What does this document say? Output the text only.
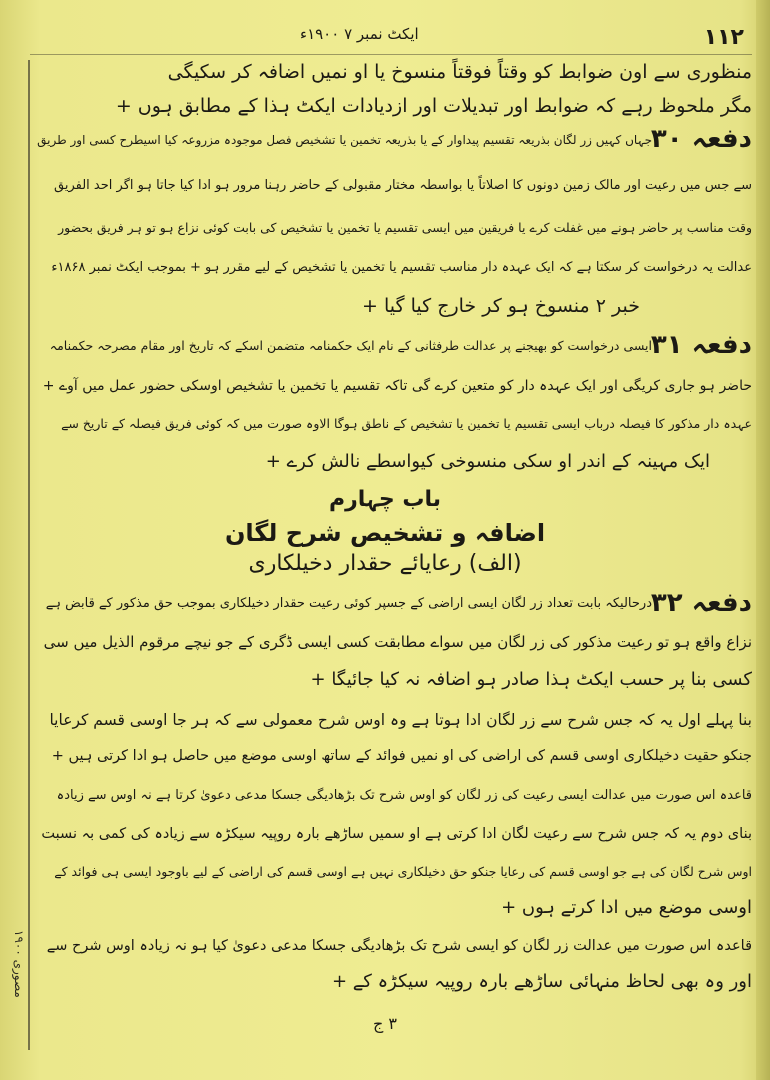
۱۱۲
ایکٹ نمبر ۷ ۱۹۰۰ء
منظوری سے اون ضوابط کو وقتاً فوقتاً منسوخ یا او نمیں اضافہ کر سکیگی
مگر ملحوظ رہے کہ ضوابط اور تبدیلات اور ازدیادات ایکٹ ہذا کے مطابق ہوں +
دفعہ ۳۰
جہاں کہیں زر لگان بذریعہ تقسیم پیداوار کے یا بذریعہ تخمین یا تشخیص فصل موجودہ مزروعہ کیا اسیطرح کسی اور طریق
سے جس میں رعیت اور مالک زمین دونوں کا اصلاتاً یا بواسطہ مختار مقبولی کے حاضر رہنا مرور ہو ادا کیا جاتا ہو اگر احد الفریق
وقت مناسب پر حاضر ہونے میں غفلت کرے یا فریقین میں ایسی تقسیم یا تخمین یا تشخیص کی بابت کوئی نزاع ہو تو ہر فریق بحضور
عدالت یہ درخواست کر سکتا ہے کہ ایک عہدہ دار مناسب تقسیم یا تخمین یا تشخیص کے لیے مقرر ہو + بموجب ایکٹ نمبر ۱۸۶۸ء
خبر ۲ منسوخ ہو کر خارج کیا گیا +
دفعہ ۳۱
ایسی درخواست کو بھیجنے پر عدالت طرفثانی کے نام ایک حکمنامہ متضمن اسکے کہ تاریخ اور مقام مصرحہ حکمنامہ
حاضر ہو جاری کریگی اور ایک عہدہ دار کو متعین کرے گی تاکہ تقسیم یا تخمین یا تشخیص اوسکی حضور عمل میں آوے +
عہدہ دار مذکور کا فیصلہ درباب ایسی تقسیم یا تخمین یا تشخیص کے ناطق ہوگا الاوہ صورت میں کہ کوئی فریق فیصلہ کے تاریخ سے
ایک مہینہ کے اندر او سکی منسوخی کیواسطے نالش کرے +
باب چہارم
اضافہ و تشخیص شرح لگان
(الف) رعایائے حقدار دخیلکاری
دفعہ ۳۲
درحالیکہ بابت تعداد زر لگان ایسی اراضی کے جسپر کوئی رعیت حقدار دخیلکاری بموجب حق مذکور کے قابض ہے
نزاع واقع ہو تو رعیت مذکور کی زر لگان میں سواے مطابقت کسی ایسی ڈگری کے جو نیچے مرقوم الذیل میں سی
کسی بنا پر حسب ایکٹ ہذا صادر ہو اضافہ نہ کیا جائیگا +
بنا پہلے اول یہ کہ جس شرح سے زر لگان ادا ہوتا ہے وہ اوس شرح معمولی سے کہ ہر جا اوسی قسم کرعایا
جنکو حقیت دخیلکاری اوسی قسم کی اراضی کی او نمیں فوائد کے ساتھ اوسی موضع میں حاصل ہو ادا کرتی ہیں +
قاعدہ اس صورت میں عدالت ایسی رعیت کی زر لگان کو اوس شرح تک بڑھادیگی جسکا مدعی دعویٰ کرتا ہے نہ اوس سے زیادہ
بنای دوم یہ کہ جس شرح سے رعیت لگان ادا کرتی ہے او سمیں ساڑھے بارہ روپیہ سیکڑہ سے زیادہ کی کمی بہ نسبت
اوس شرح لگان کی ہے جو اوسی قسم کی رعایا جنکو حق دخیلکاری نہیں ہے اوسی قسم کی اراضی کے لیے باوجود ایسی ہی فوائد کے
اوسی موضع میں ادا کرتے ہوں +
قاعدہ اس صورت میں عدالت زر لگان کو ایسی شرح تک بڑھادیگی جسکا مدعی دعویٰ کیا ہو نہ زیادہ اوس شرح سے
اور وہ بھی لحاظ منہائی ساڑھے بارہ روپیہ سیکڑہ کے +
۳ ج
۱۹۰۰ مصوری
